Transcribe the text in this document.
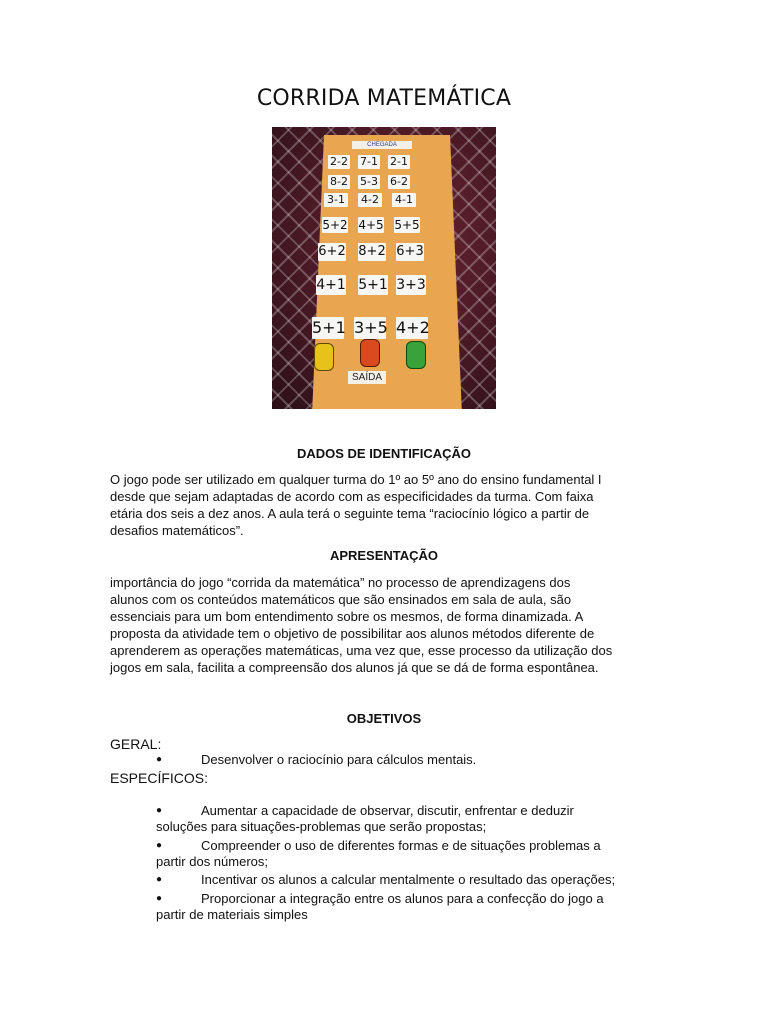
CORRIDA MATEMÁTICA
CHEGADA
2-2 7-1 2-1
8-2 5-3 6-2
3-1 4-2 4-1
5+2 4+5 5+5
6+2 8+2 6+3
4+1 5+1 3+3
5+1 3+5 4+2
SAÍDA
DADOS DE IDENTIFICAÇÃO
O jogo pode ser utilizado em qualquer turma do 1º ao 5º ano do ensino fundamental I
desde que sejam adaptadas de acordo com as especificidades da turma. Com faixa
etária dos seis a dez anos. A aula terá o seguinte tema “raciocínio lógico a partir de
desafios matemáticos”.
APRESENTAÇÃO
importância do jogo “corrida da matemática” no processo de aprendizagens dos
alunos com os conteúdos matemáticos que são ensinados em sala de aula, são
essenciais para um bom entendimento sobre os mesmos, de forma dinamizada. A
proposta da atividade tem o objetivo de possibilitar aos alunos métodos diferente de
aprenderem as operações matemáticas, uma vez que, esse processo da utilização dos
jogos em sala, facilita a compreensão dos alunos já que se dá de forma espontânea.
OBJETIVOS
GERAL:
●	Desenvolver o raciocínio para cálculos mentais.
ESPECÍFICOS:
●	Aumentar a capacidade de observar, discutir, enfrentar e deduzir
soluções para situações-problemas que serão propostas;
●	Compreender o uso de diferentes formas e de situações problemas a
partir dos números;
●	Incentivar os alunos a calcular mentalmente o resultado das operações;
●	Proporcionar a integração entre os alunos para a confecção do jogo a
partir de materiais simples
